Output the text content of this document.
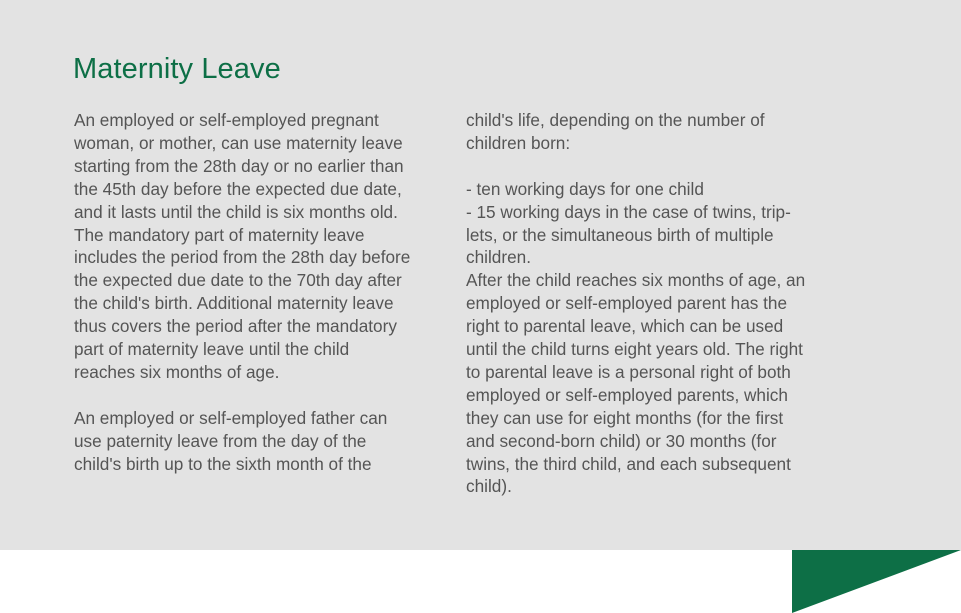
Maternity Leave

An employed or self-employed pregnant
woman, or mother, can use maternity leave
starting from the 28th day or no earlier than
the 45th day before the expected due date,
and it lasts until the child is six months old.
The mandatory part of maternity leave
includes the period from the 28th day before
the expected due date to the 70th day after
the child's birth. Additional maternity leave
thus covers the period after the mandatory
part of maternity leave until the child
reaches six months of age.

An employed or self-employed father can
use paternity leave from the day of the
child's birth up to the sixth month of the

child's life, depending on the number of
children born:

- ten working days for one child
- 15 working days in the case of twins, trip-
lets, or the simultaneous birth of multiple
children.

After the child reaches six months of age, an
employed or self-employed parent has the
right to parental leave, which can be used
until the child turns eight years old. The right
to parental leave is a personal right of both
employed or self-employed parents, which
they can use for eight months (for the first
and second-born child) or 30 months (for
twins, the third child, and each subsequent
child).
